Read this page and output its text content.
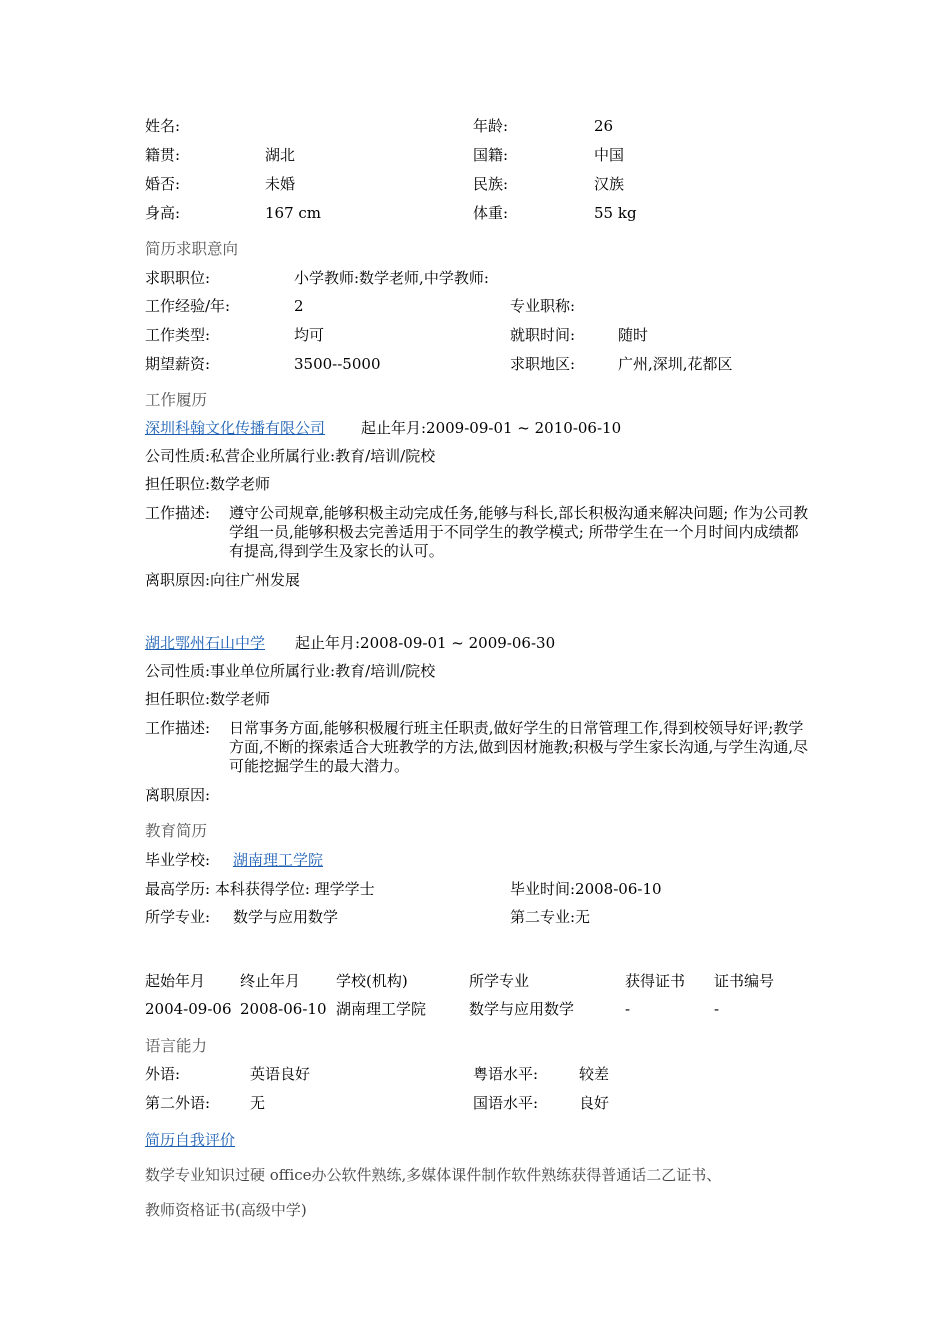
姓名:	年龄:	26
籍贯:	湖北	国籍:	中国
婚否:	未婚	民族:	汉族
身高:	167 cm	体重:	55 kg
简历求职意向
求职职位:	小学教师:数学老师,中学教师:
工作经验/年:	2	专业职称:
工作类型:	均可	就职时间:	随时
期望薪资:	3500--5000	求职地区:	广州,深圳,花都区
工作履历
深圳科翰文化传播有限公司 起止年月:2009-09-01 ~ 2010-06-10
公司性质:私营企业所属行业:教育/培训/院校
担任职位:数学老师
工作描述: 遵守公司规章,能够积极主动完成任务,能够与科长,部长积极沟通来解决问题; 作为公司教学组一员,能够积极去完善适用于不同学生的教学模式; 所带学生在一个月时间内成绩都有提高,得到学生及家长的认可。
离职原因:向往广州发展
湖北鄂州石山中学 起止年月:2008-09-01 ~ 2009-06-30
公司性质:事业单位所属行业:教育/培训/院校
担任职位:数学老师
工作描述: 日常事务方面,能够积极履行班主任职责,做好学生的日常管理工作,得到校领导好评;教学方面,不断的探索适合大班教学的方法,做到因材施教;积极与学生家长沟通,与学生沟通,尽可能挖掘学生的最大潜力。
离职原因:
教育简历
毕业学校: 湖南理工学院
最高学历: 本科获得学位: 理学学士	毕业时间:2008-06-10
所学专业: 数学与应用数学	第二专业:无
起始年月 终止年月 学校(机构)	所学专业	获得证书 证书编号
2004-09-06 2008-06-10 湖南理工学院	数学与应用数学	-	-
语言能力
外语:	英语良好	粤语水平:	较差
第二外语:	无	国语水平:	良好
简历自我评价
数学专业知识过硬 office办公软件熟练,多媒体课件制作软件熟练获得普通话二乙证书、
教师资格证书(高级中学)
